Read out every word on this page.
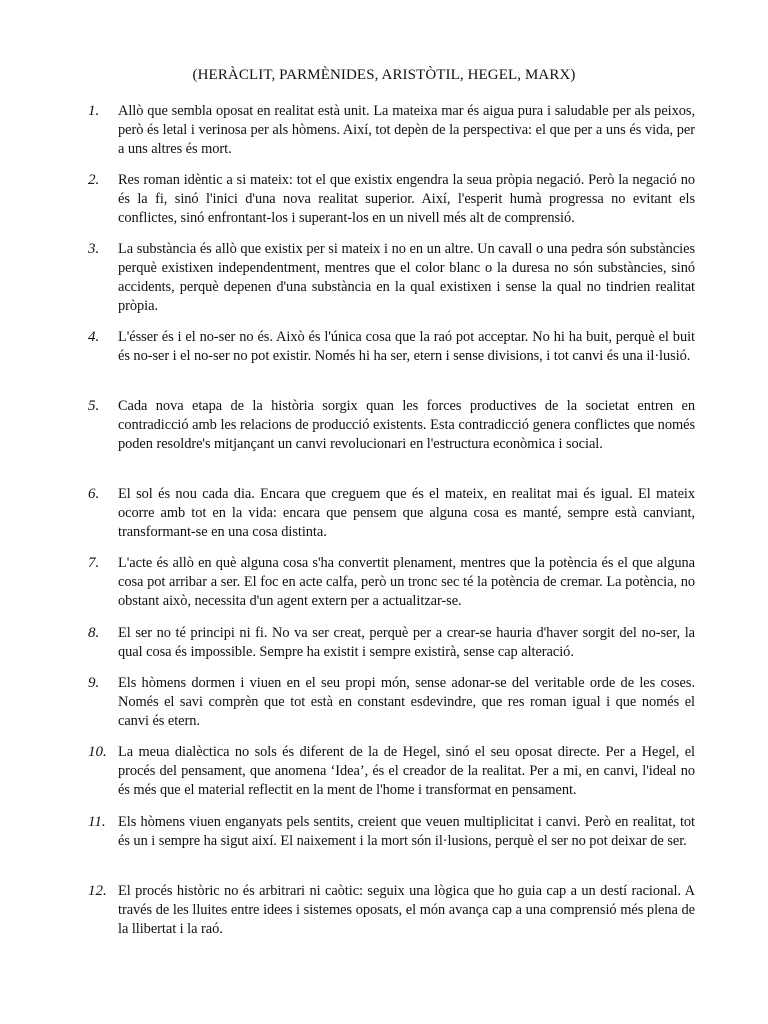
(HERÀCLIT, PARMÈNIDES, ARISTÒTIL, HEGEL, MARX)
1.	Allò que sembla oposat en realitat està unit. La mateixa mar és aigua pura i saludable per als peixos, però és letal i verinosa per als hòmens. Així, tot depèn de la perspectiva: el que per a uns és vida, per a uns altres és mort.
2.	Res roman idèntic a si mateix: tot el que existix engendra la seua pròpia negació. Però la negació no és la fi, sinó l'inici d'una nova realitat superior. Així, l'esperit humà progressa no evitant els conflictes, sinó enfrontant-los i superant-los en un nivell més alt de comprensió.
3.	La substància és allò que existix per si mateix i no en un altre. Un cavall o una pedra són substàncies perquè existixen independentment, mentres que el color blanc o la duresa no són substàncies, sinó accidents, perquè depenen d'una substància en la qual existixen i sense la qual no tindrien realitat pròpia.
4.	L'ésser és i el no-ser no és. Això és l'única cosa que la raó pot acceptar. No hi ha buit, perquè el buit és no-ser i el no-ser no pot existir. Només hi ha ser, etern i sense divisions, i tot canvi és una il·lusió.
5.	Cada nova etapa de la història sorgix quan les forces productives de la societat entren en contradicció amb les relacions de producció existents. Esta contradicció genera conflictes que només poden resoldre's mitjançant un canvi revolucionari en l'estructura econòmica i social.
6.	El sol és nou cada dia. Encara que creguem que és el mateix, en realitat mai és igual. El mateix ocorre amb tot en la vida: encara que pensem que alguna cosa es manté, sempre està canviant, transformant-se en una cosa distinta.
7.	L'acte és allò en què alguna cosa s'ha convertit plenament, mentres que la potència és el que alguna cosa pot arribar a ser. El foc en acte calfa, però un tronc sec té la potència de cremar. La potència, no obstant això, necessita d'un agent extern per a actualitzar-se.
8.	El ser no té principi ni fi. No va ser creat, perquè per a crear-se hauria d'haver sorgit del no-ser, la qual cosa és impossible. Sempre ha existit i sempre existirà, sense cap alteració.
9.	Els hòmens dormen i viuen en el seu propi món, sense adonar-se del veritable orde de les coses. Només el savi comprèn que tot està en constant esdevindre, que res roman igual i que només el canvi és etern.
10. La meua dialèctica no sols és diferent de la de Hegel, sinó el seu oposat directe. Per a Hegel, el procés del pensament, que anomena ‘Idea’, és el creador de la realitat. Per a mi, en canvi, l'ideal no és més que el material reflectit en la ment de l'home i transformat en pensament.
11. Els hòmens viuen enganyats pels sentits, creient que veuen multiplicitat i canvi. Però en realitat, tot és un i sempre ha sigut així. El naixement i la mort són il·lusions, perquè el ser no pot deixar de ser.
12. El procés històric no és arbitrari ni caòtic: seguix una lògica que ho guia cap a un destí racional. A través de les lluites entre idees i sistemes oposats, el món avança cap a una comprensió més plena de la llibertat i la raó.
